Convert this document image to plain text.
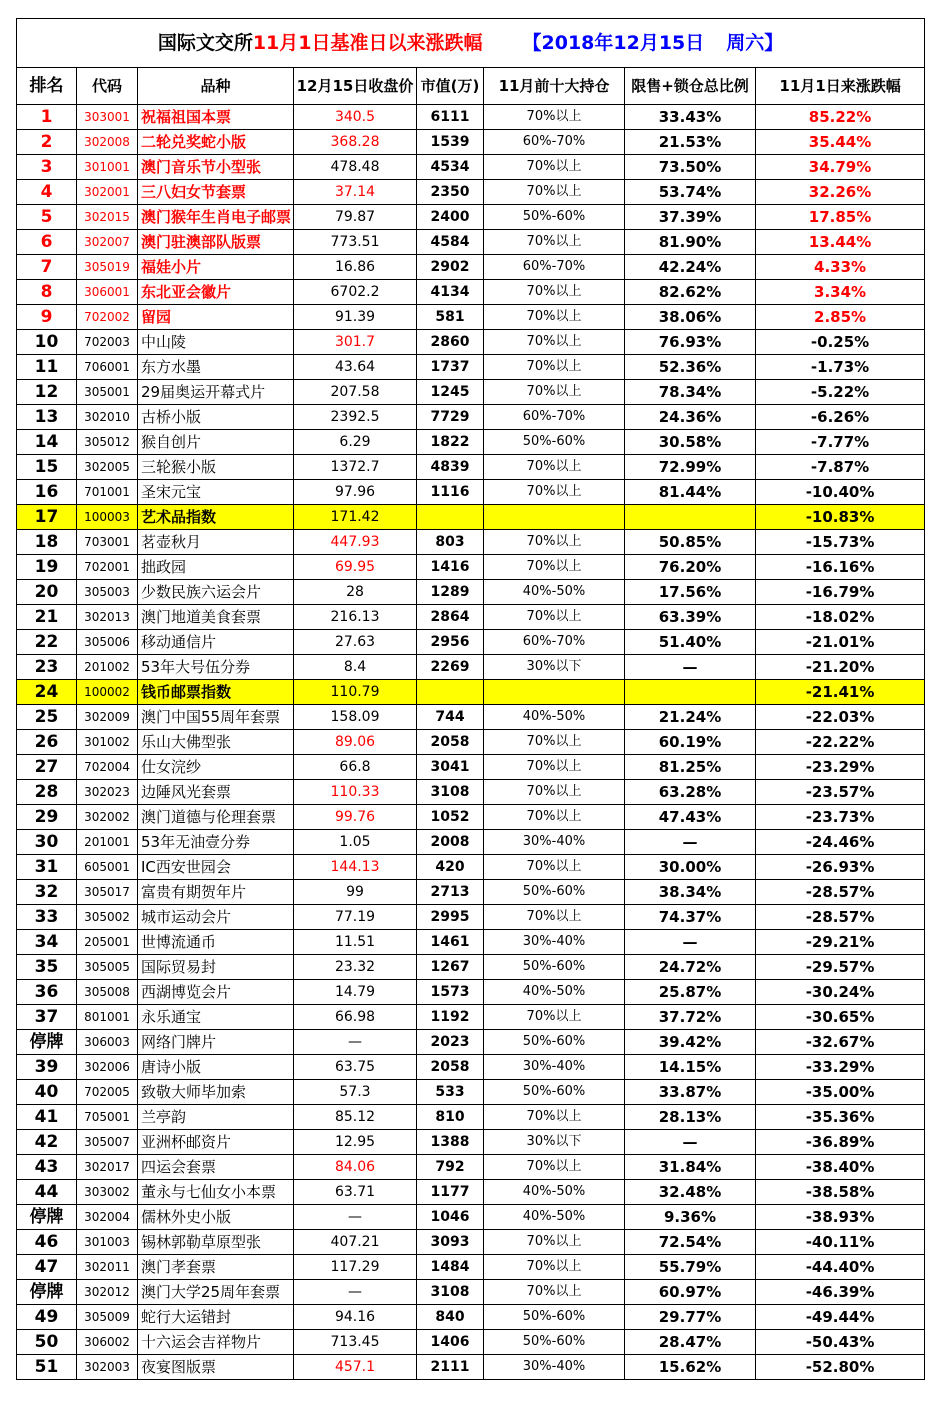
国际文交所11月1日基准日以来涨跌幅 【2018年12月15日 周六】							
排名	代码	品种	12月15日收盘价	市值(万)	11月前十大持仓	限售+锁仓总比例	11月1日来涨跌幅
1	303001	祝福祖国本票	340.5	6111	70%以上	33.43%	85.22%
2	302008	二轮兑奖蛇小版	368.28	1539	60%-70%	21.53%	35.44%
3	301001	澳门音乐节小型张	478.48	4534	70%以上	73.50%	34.79%
4	302001	三八妇女节套票	37.14	2350	70%以上	53.74%	32.26%
5	302015	澳门猴年生肖电子邮票	79.87	2400	50%-60%	37.39%	17.85%
6	302007	澳门驻澳部队版票	773.51	4584	70%以上	81.90%	13.44%
7	305019	福娃小片	16.86	2902	60%-70%	42.24%	4.33%
8	306001	东北亚会徽片	6702.2	4134	70%以上	82.62%	3.34%
9	702002	留园	91.39	581	70%以上	38.06%	2.85%
10	702003	中山陵	301.7	2860	70%以上	76.93%	-0.25%
11	706001	东方水墨	43.64	1737	70%以上	52.36%	-1.73%
12	305001	29届奥运开幕式片	207.58	1245	70%以上	78.34%	-5.22%
13	302010	古桥小版	2392.5	7729	60%-70%	24.36%	-6.26%
14	305012	猴自创片	6.29	1822	50%-60%	30.58%	-7.77%
15	302005	三轮猴小版	1372.7	4839	70%以上	72.99%	-7.87%
16	701001	圣宋元宝	97.96	1116	70%以上	81.44%	-10.40%
17	100003	艺术品指数	171.42				-10.83%
18	703001	茗壶秋月	447.93	803	70%以上	50.85%	-15.73%
19	702001	拙政园	69.95	1416	70%以上	76.20%	-16.16%
20	305003	少数民族六运会片	28	1289	40%-50%	17.56%	-16.79%
21	302013	澳门地道美食套票	216.13	2864	70%以上	63.39%	-18.02%
22	305006	移动通信片	27.63	2956	60%-70%	51.40%	-21.01%
23	201002	53年大号伍分券	8.4	2269	30%以下	—	-21.20%
24	100002	钱币邮票指数	110.79				-21.41%
25	302009	澳门中国55周年套票	158.09	744	40%-50%	21.24%	-22.03%
26	301002	乐山大佛型张	89.06	2058	70%以上	60.19%	-22.22%
27	702004	仕女浣纱	66.8	3041	70%以上	81.25%	-23.29%
28	302023	边陲风光套票	110.33	3108	70%以上	63.28%	-23.57%
29	302002	澳门道德与伦理套票	99.76	1052	70%以上	47.43%	-23.73%
30	201001	53年无油壹分券	1.05	2008	30%-40%	—	-24.46%
31	605001	IC西安世园会	144.13	420	70%以上	30.00%	-26.93%
32	305017	富贵有期贺年片	99	2713	50%-60%	38.34%	-28.57%
33	305002	城市运动会片	77.19	2995	70%以上	74.37%	-28.57%
34	205001	世博流通币	11.51	1461	30%-40%	—	-29.21%
35	305005	国际贸易封	23.32	1267	50%-60%	24.72%	-29.57%
36	305008	西湖博览会片	14.79	1573	40%-50%	25.87%	-30.24%
37	801001	永乐通宝	66.98	1192	70%以上	37.72%	-30.65%
停牌	306003	网络门牌片	—	2023	50%-60%	39.42%	-32.67%
39	302006	唐诗小版	63.75	2058	30%-40%	14.15%	-33.29%
40	702005	致敬大师毕加索	57.3	533	50%-60%	33.87%	-35.00%
41	705001	兰亭韵	85.12	810	70%以上	28.13%	-35.36%
42	305007	亚洲杯邮资片	12.95	1388	30%以下	—	-36.89%
43	302017	四运会套票	84.06	792	70%以上	31.84%	-38.40%
44	303002	董永与七仙女小本票	63.71	1177	40%-50%	32.48%	-38.58%
停牌	302004	儒林外史小版	—	1046	40%-50%	9.36%	-38.93%
46	301003	锡林郭勒草原型张	407.21	3093	70%以上	72.54%	-40.11%
47	302011	澳门孝套票	117.29	1484	70%以上	55.79%	-44.40%
停牌	302012	澳门大学25周年套票	—	3108	70%以上	60.97%	-46.39%
49	305009	蛇行大运错封	94.16	840	50%-60%	29.77%	-49.44%
50	306002	十六运会吉祥物片	713.45	1406	50%-60%	28.47%	-50.43%
51	302003	夜宴图版票	457.1	2111	30%-40%	15.62%	-52.80%
